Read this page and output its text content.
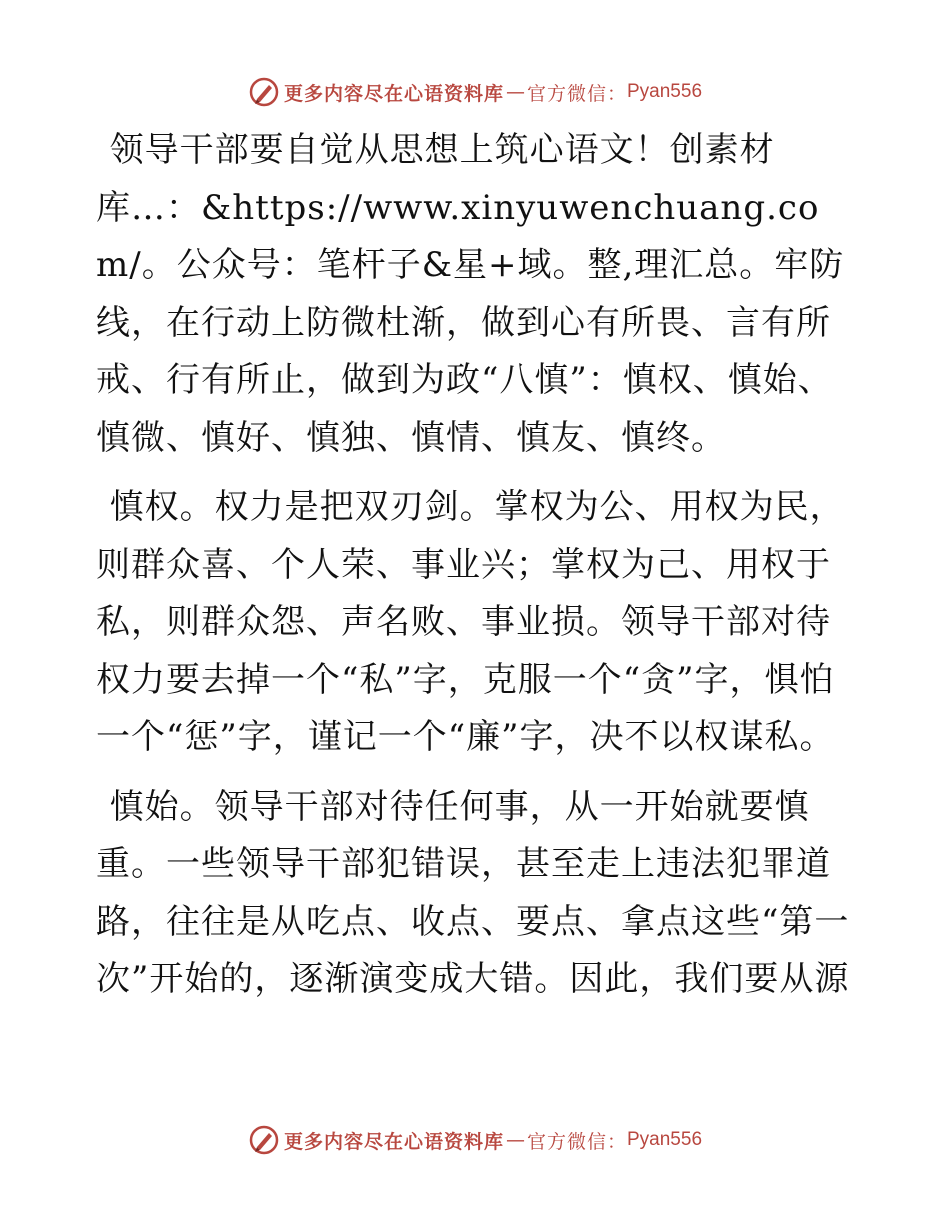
更多内容尽在心语资料库 — 官方微信： Pyan556

领导干部要自觉从思想上筑心语文！创素材库…：&https://www.xinyuwenchuang.com/。公众号：笔杆子&星+域。整,理汇总。牢防线，在行动上防微杜渐，做到心有所畏、言有所戒、行有所止，做到为政“八慎”：慎权、慎始、慎微、慎好、慎独、慎情、慎友、慎终。

慎权。权力是把双刃剑。掌权为公、用权为民，则群众喜、个人荣、事业兴；掌权为己、用权于私，则群众怨、声名败、事业损。领导干部对待权力要去掉一个“私”字，克服一个“贪”字，惧怕一个“惩”字，谨记一个“廉”字，决不以权谋私。

慎始。领导干部对待任何事，从一开始就要慎重。一些领导干部犯错误，甚至走上违法犯罪道路，往往是从吃点、收点、要点、拿点这些“第一次”开始的，逐渐演变成大错。因此，我们要从源

更多内容尽在心语资料库 — 官方微信： Pyan556
